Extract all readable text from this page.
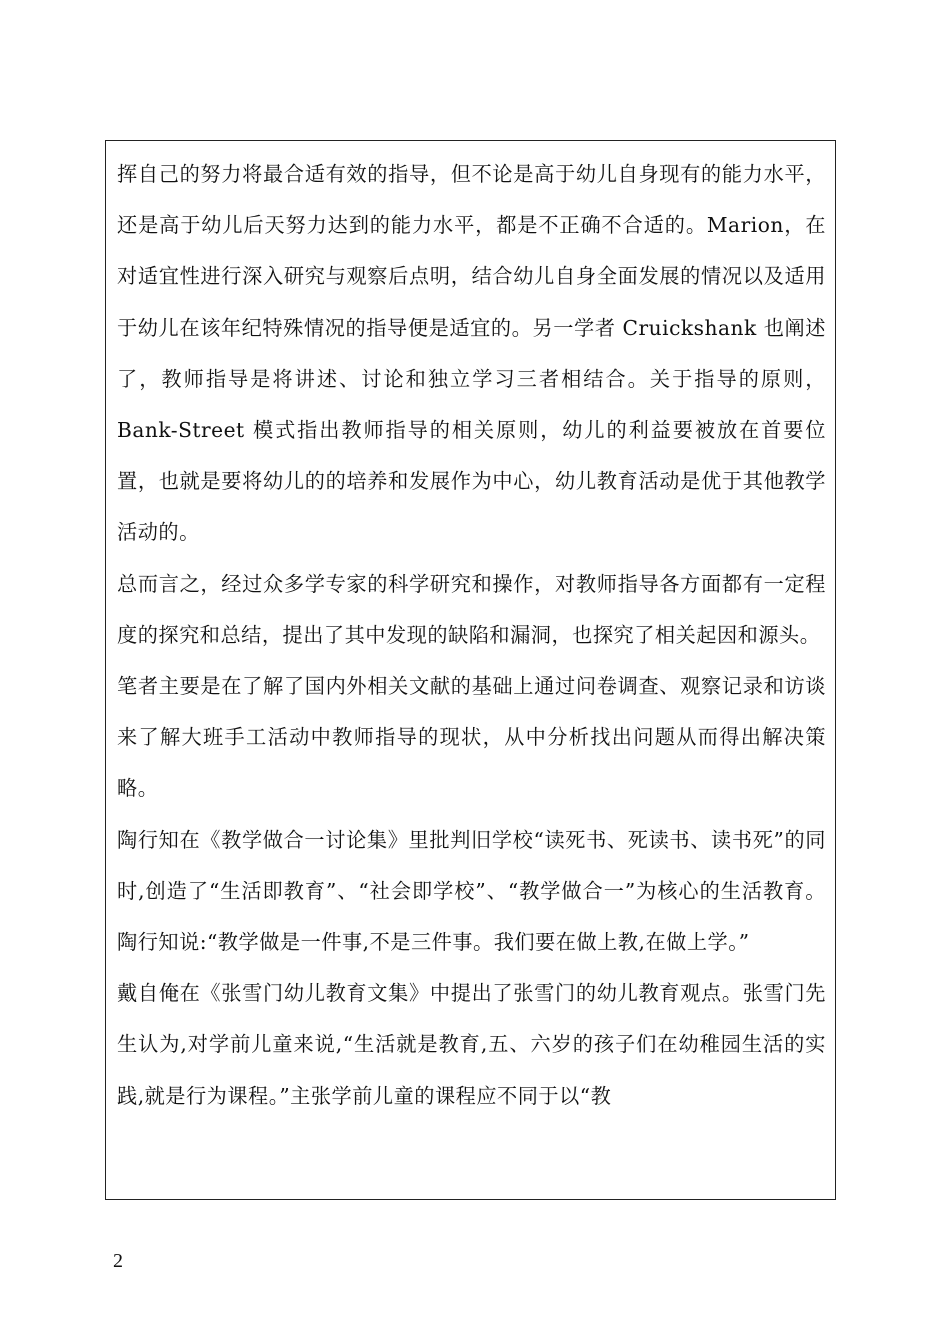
挥自己的努力将最合适有效的指导，但不论是高于幼儿自身现有的能力水平，还是高于幼儿后天努力达到的能力水平，都是不正确不合适的。Marion，在对适宜性进行深入研究与观察后点明，结合幼儿自身全面发展的情况以及适用于幼儿在该年纪特殊情况的指导便是适宜的。另一学者 Cruickshank 也阐述了，教师指导是将讲述、讨论和独立学习三者相结合。关于指导的原则，Bank-Street 模式指出教师指导的相关原则，幼儿的利益要被放在首要位置，也就是要将幼儿的的培养和发展作为中心，幼儿教育活动是优于其他教学活动的。

总而言之，经过众多学专家的科学研究和操作，对教师指导各方面都有一定程度的探究和总结，提出了其中发现的缺陷和漏洞，也探究了相关起因和源头。

笔者主要是在了解了国内外相关文献的基础上通过问卷调查、观察记录和访谈来了解大班手工活动中教师指导的现状，从中分析找出问题从而得出解决策略。

陶行知在《教学做合一讨论集》里批判旧学校“读死书、死读书、读书死”的同时,创造了“生活即教育”、“社会即学校”、“教学做合一”为核心的生活教育。陶行知说:“教学做是一件事,不是三件事。我们要在做上教,在做上学。”

戴自俺在《张雪门幼儿教育文集》中提出了张雪门的幼儿教育观点。张雪门先生认为,对学前儿童来说,“生活就是教育,五、六岁的孩子们在幼稚园生活的实践,就是行为课程。”主张学前儿童的课程应不同于以“教

2
